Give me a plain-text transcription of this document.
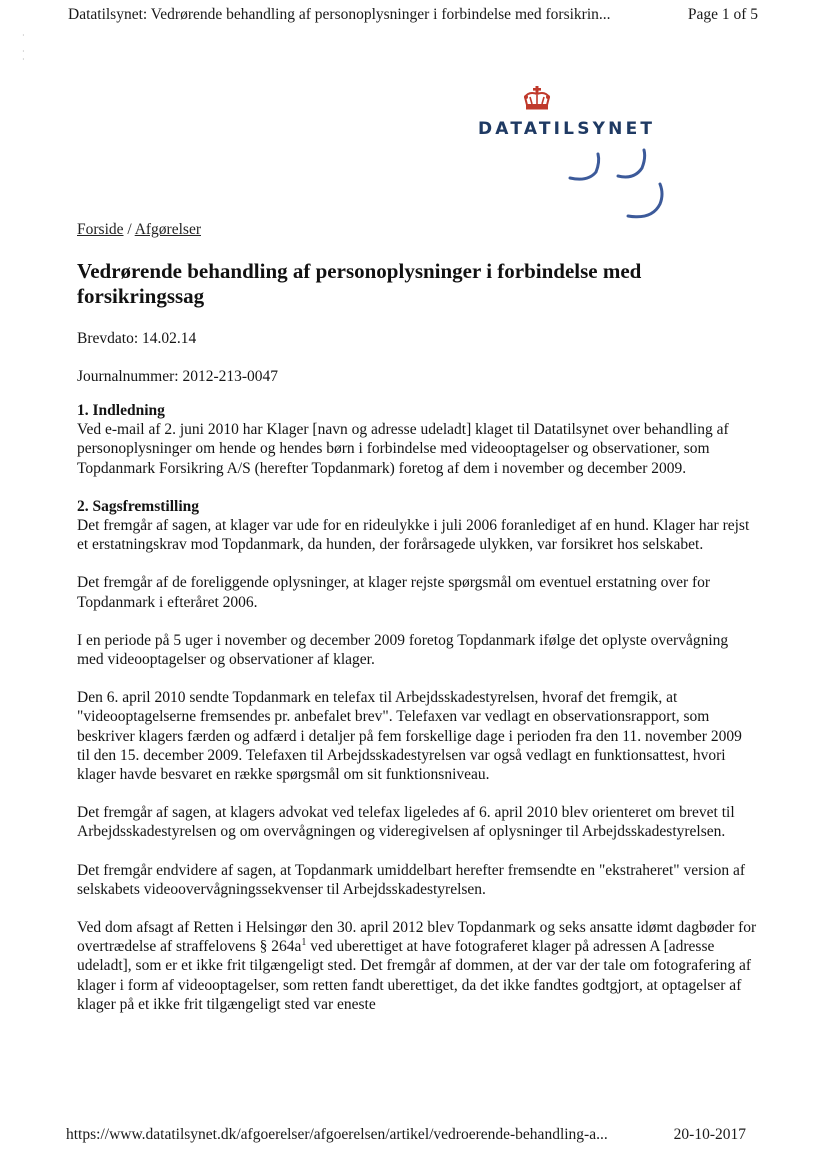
Datatilsynet: Vedrørende behandling af personoplysninger i forbindelse med forsikrin...	Page 1 of 5
·

·
·
DATATILSYNET
Forside / Afgørelser
Vedrørende behandling af personoplysninger i forbindelse med forsikringssag
Brevdato: 14.02.14
Journalnummer: 2012-213-0047
1. Indledning

Ved e-mail af 2. juni 2010 har Klager [navn og adresse udeladt] klaget til Datatilsynet over behandling af personoplysninger om hende og hendes børn i forbindelse med videooptagelser og observationer, som Topdanmark Forsikring A/S (herefter Topdanmark) foretog af dem i november og december 2009.

2. Sagsfremstilling

Det fremgår af sagen, at klager var ude for en rideulykke i juli 2006 foranlediget af en hund. Klager har rejst et erstatningskrav mod Topdanmark, da hunden, der forårsagede ulykken, var forsikret hos selskabet.

Det fremgår af de foreliggende oplysninger, at klager rejste spørgsmål om eventuel erstatning over for Topdanmark i efteråret 2006.

I en periode på 5 uger i november og december 2009 foretog Topdanmark ifølge det oplyste overvågning med videooptagelser og observationer af klager.

Den 6. april 2010 sendte Topdanmark en telefax til Arbejdsskadestyrelsen, hvoraf det fremgik, at "videooptagelserne fremsendes pr. anbefalet brev". Telefaxen var vedlagt en observationsrapport, som beskriver klagers færden og adfærd i detaljer på fem forskellige dage i perioden fra den 11. november 2009 til den 15. december 2009. Telefaxen til Arbejdsskadestyrelsen var også vedlagt en funktionsattest, hvori klager havde besvaret en række spørgsmål om sit funktionsniveau.

Det fremgår af sagen, at klagers advokat ved telefax ligeledes af 6. april 2010 blev orienteret om brevet til Arbejdsskadestyrelsen og om overvågningen og videregivelsen af oplysninger til Arbejdsskadestyrelsen.

Det fremgår endvidere af sagen, at Topdanmark umiddelbart herefter fremsendte en "ekstraheret" version af selskabets videoovervågningssekvenser til Arbejdsskadestyrelsen.

Ved dom afsagt af Retten i Helsingør den 30. april 2012 blev Topdanmark og seks ansatte idømt dagbøder for overtrædelse af straffelovens § $264a^1$ ved uberettiget at have fotograferet klager på adressen A [adresse udeladt], som er et ikke frit tilgængeligt sted. Det fremgår af dommen, at der var der tale om fotografering af klager i form af videooptagelser, som retten fandt uberettiget, da det ikke fandtes godtgjort, at optagelser af klager på et ikke frit tilgængeligt sted var eneste

https://www.datatilsynet.dk/afgoerelser/afgoerelsen/artikel/vedroerende-behandling-a...	20-10-2017
